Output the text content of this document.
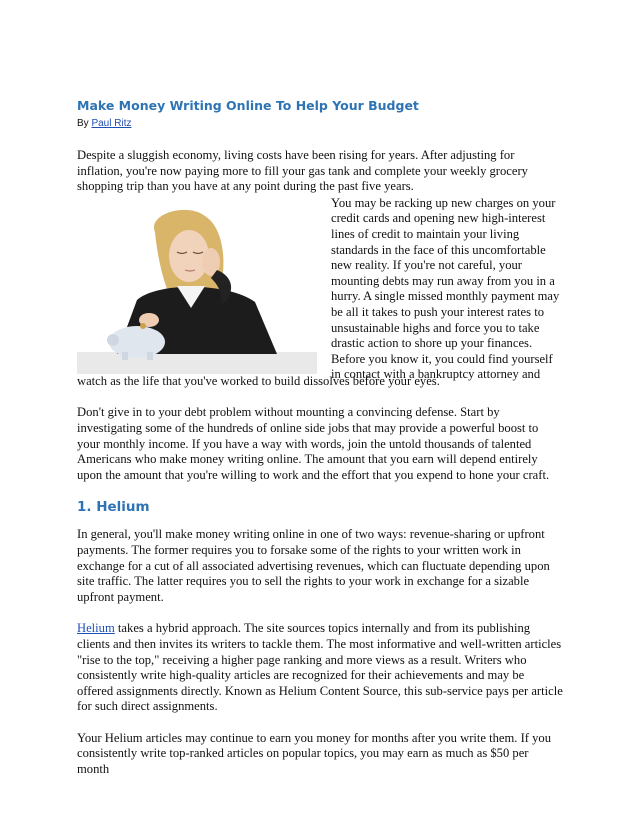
Make Money Writing Online To Help Your Budget
By Paul Ritz

Despite a sluggish economy, living costs have been rising for years. After adjusting for inflation, you're now paying more to fill your gas tank and complete your weekly grocery shopping trip than you have at any point during the past five years.

You may be racking up new charges on your credit cards and opening new high-interest lines of credit to maintain your living standards in the face of this uncomfortable new reality. If you're not careful, your mounting debts may run away from you in a hurry. A single missed monthly payment may be all it takes to push your interest rates to unsustainable highs and force you to take drastic action to shore up your finances. Before you know it, you could find yourself in contact with a bankruptcy attorney and

watch as the life that you've worked to build dissolves before your eyes.

Don't give in to your debt problem without mounting a convincing defense. Start by investigating some of the hundreds of online side jobs that may provide a powerful boost to your monthly income. If you have a way with words, join the untold thousands of talented Americans who make money writing online. The amount that you earn will depend entirely upon the amount that you're willing to work and the effort that you expend to hone your craft.

1. Helium

In general, you'll make money writing online in one of two ways: revenue-sharing or upfront payments. The former requires you to forsake some of the rights to your written work in exchange for a cut of all associated advertising revenues, which can fluctuate depending upon site traffic. The latter requires you to sell the rights to your work in exchange for a sizable upfront payment.

Helium takes a hybrid approach. The site sources topics internally and from its publishing clients and then invites its writers to tackle them. The most informative and well-written articles "rise to the top," receiving a higher page ranking and more views as a result. Writers who consistently write high-quality articles are recognized for their achievements and may be offered assignments directly. Known as Helium Content Source, this sub-service pays per article for such direct assignments.

Your Helium articles may continue to earn you money for months after you write them. If you consistently write top-ranked articles on popular topics, you may earn as much as $50 per month
